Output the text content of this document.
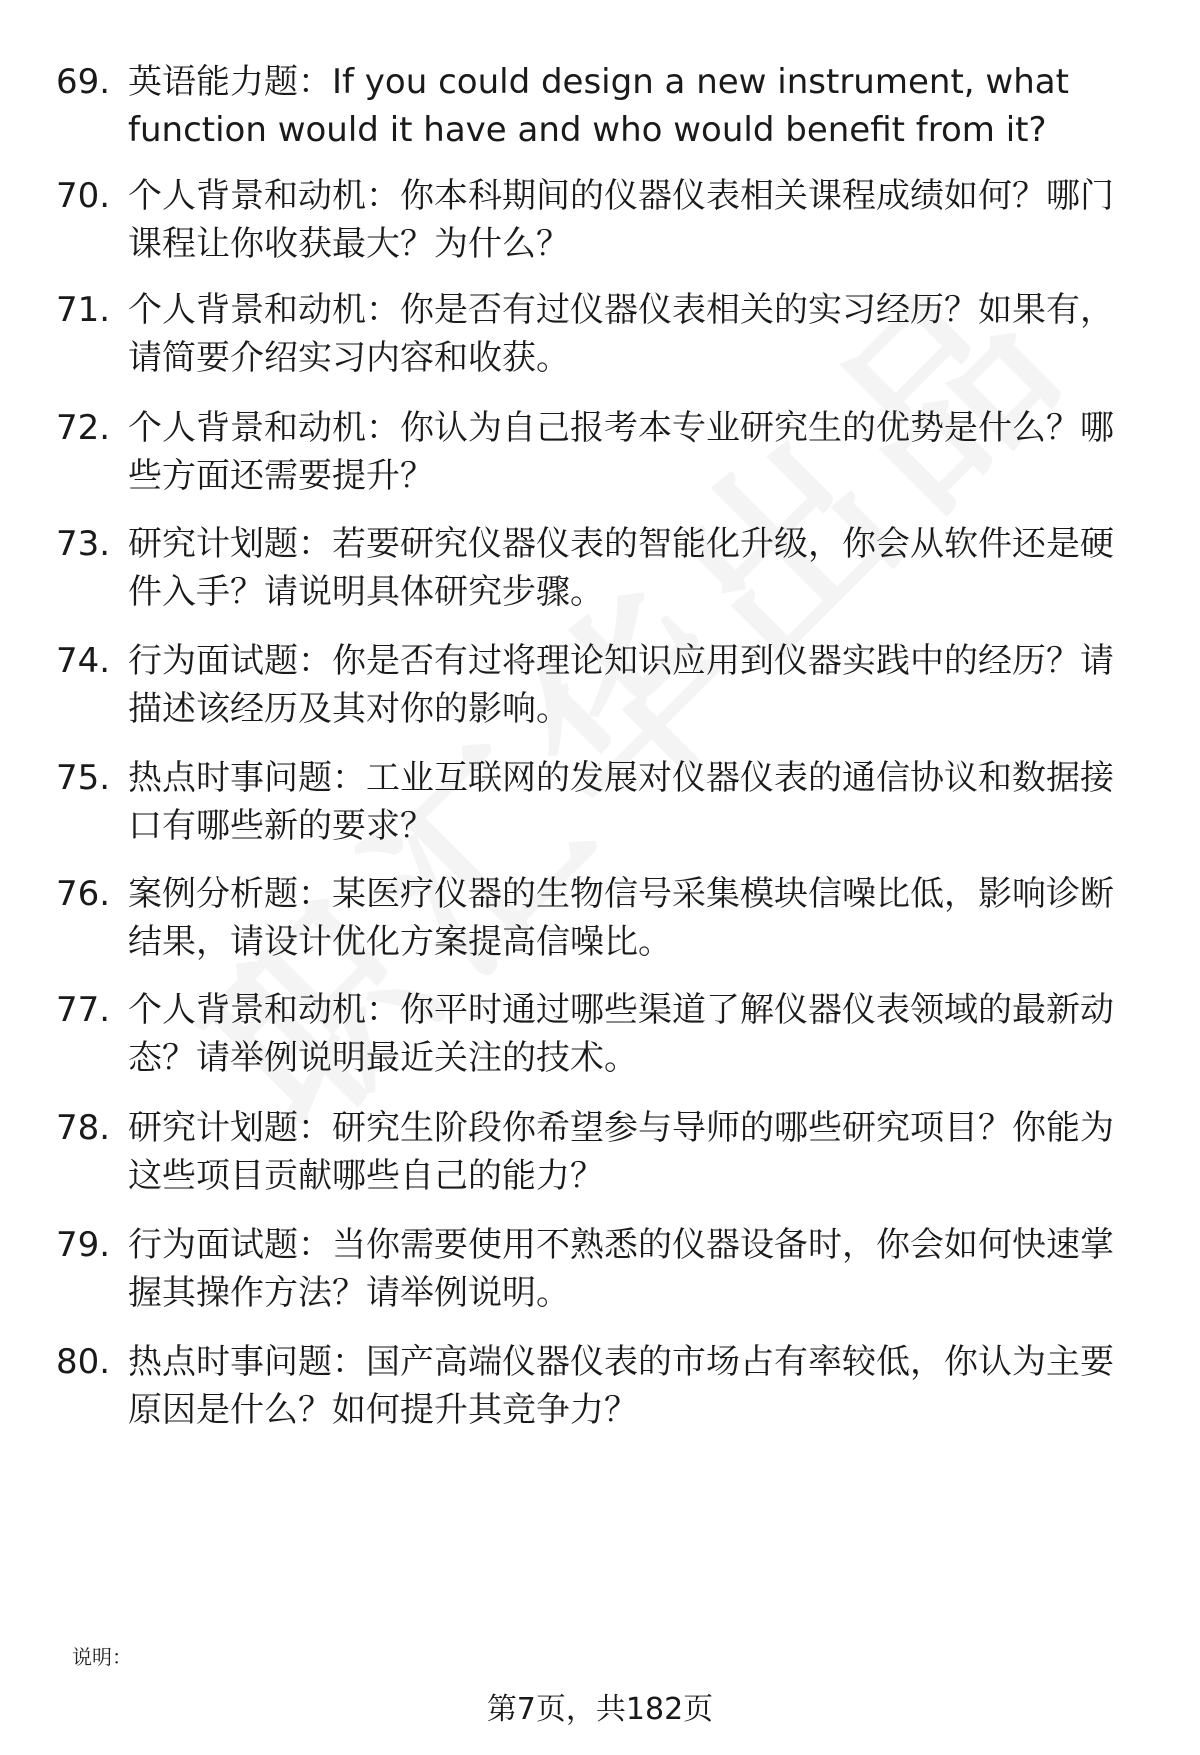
69. 英语能力题：If you could design a new instrument, what function would it have and who would benefit from it?
70. 个人背景和动机：你本科期间的仪器仪表相关课程成绩如何？哪门课程让你收获最大？为什么？
71. 个人背景和动机：你是否有过仪器仪表相关的实习经历？如果有，请简要介绍实习内容和收获。
72. 个人背景和动机：你认为自己报考本专业研究生的优势是什么？哪些方面还需要提升？
73. 研究计划题：若要研究仪器仪表的智能化升级，你会从软件还是硬件入手？请说明具体研究步骤。
74. 行为面试题：你是否有过将理论知识应用到仪器实践中的经历？请描述该经历及其对你的影响。
75. 热点时事问题：工业互联网的发展对仪器仪表的通信协议和数据接口有哪些新的要求？
76. 案例分析题：某医疗仪器的生物信号采集模块信噪比低，影响诊断结果，请设计优化方案提高信噪比。
77. 个人背景和动机：你平时通过哪些渠道了解仪器仪表领域的最新动态？请举例说明最近关注的技术。
78. 研究计划题：研究生阶段你希望参与导师的哪些研究项目？你能为这些项目贡献哪些自己的能力？
79. 行为面试题：当你需要使用不熟悉的仪器设备时，你会如何快速掌握其操作方法？请举例说明。
80. 热点时事问题：国产高端仪器仪表的市场占有率较低，你认为主要原因是什么？如何提升其竞争力？
说明：
第7页，共182页
